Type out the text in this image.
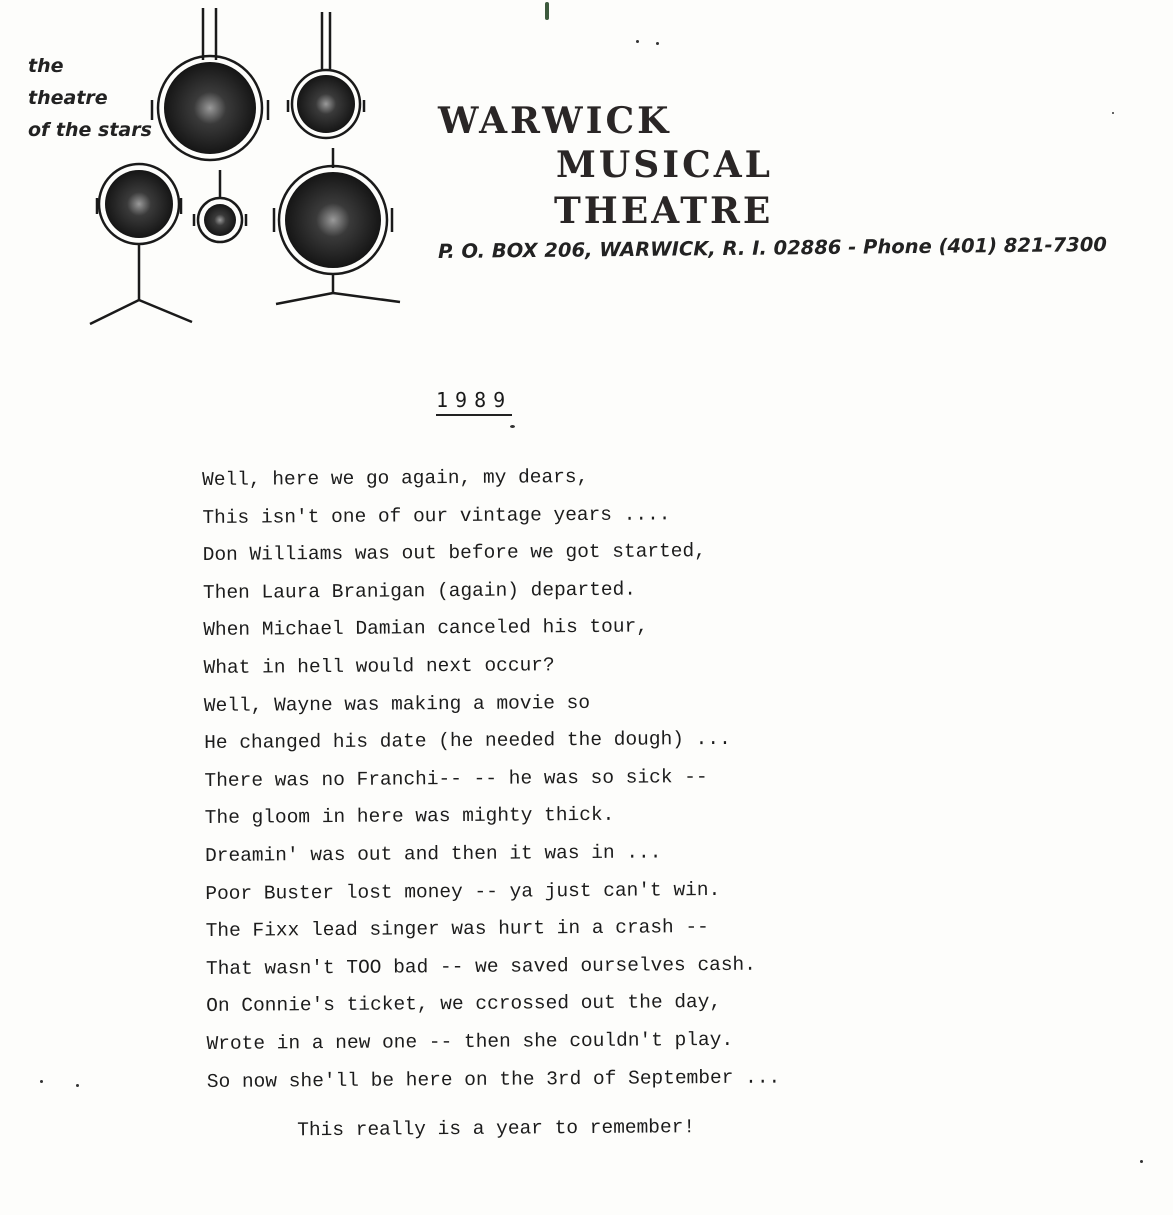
the
theatre
of the stars	WARWICK
MUSICAL
THEATRE
P. O. BOX 206, WARWICK, R. I. 02886 - Phone (401) 821-7300
1989
Well, here we go again, my dears,
This isn't one of our vintage years ....
Don Williams was out before we got started,
Then Laura Branigan (again) departed.
When Michael Damian canceled his tour,
What in hell would next occur?
Well, Wayne was making a movie so
He changed his date (he needed the dough) ...
There was no Franchi-- -- he was so sick --
The gloom in here was mighty thick.
Dreamin' was out and then it was in ...
Poor Buster lost money -- ya just can't win.
The Fixx lead singer was hurt in a crash --
That wasn't TOO bad -- we saved ourselves cash.
On Connie's ticket, we ccrossed out the day,
Wrote in a new one -- then she couldn't play.
So now she'll be here on the 3rd of September ...
This really is a year to remember!
